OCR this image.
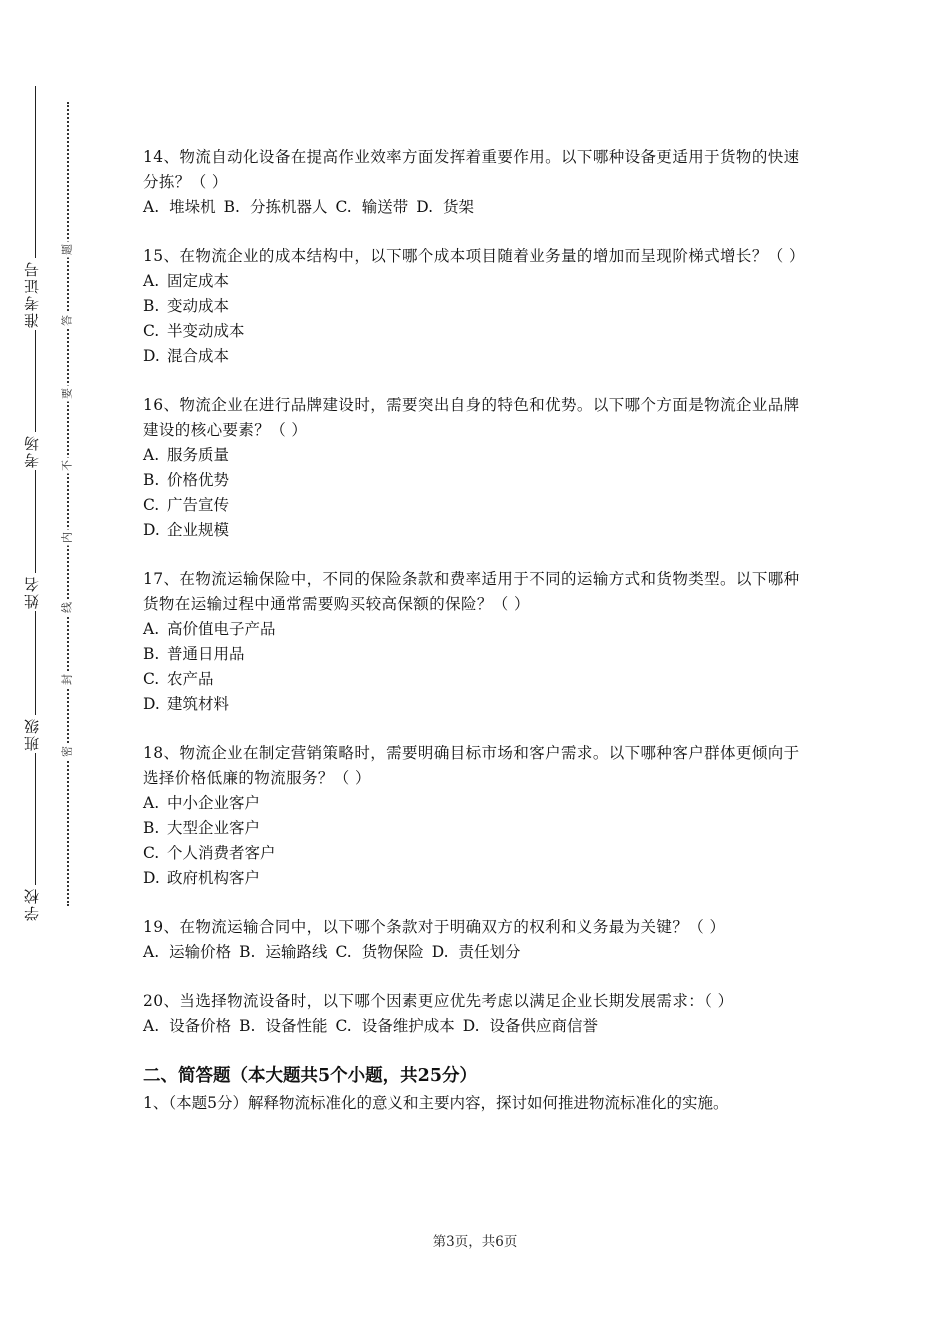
准考证号
考场
姓名
班级
学校
题
答
要
不
内
线
封
密

14、物流自动化设备在提高作业效率方面发挥着重要作用。以下哪种设备更适用于货物的快速分拣？（ ）

A. 堆垛机 B. 分拣机器人 C. 输送带 D. 货架

15、在物流企业的成本结构中，以下哪个成本项目随着业务量的增加而呈现阶梯式增长？（ ）

A. 固定成本

B. 变动成本

C. 半变动成本

D. 混合成本

16、物流企业在进行品牌建设时，需要突出自身的特色和优势。以下哪个方面是物流企业品牌建设的核心要素？（ ）

A. 服务质量

B. 价格优势

C. 广告宣传

D. 企业规模

17、在物流运输保险中，不同的保险条款和费率适用于不同的运输方式和货物类型。以下哪种货物在运输过程中通常需要购买较高保额的保险？（ ）

A. 高价值电子产品

B. 普通日用品

C. 农产品

D. 建筑材料

18、物流企业在制定营销策略时，需要明确目标市场和客户需求。以下哪种客户群体更倾向于选择价格低廉的物流服务？（ ）

A. 中小企业客户

B. 大型企业客户

C. 个人消费者客户

D. 政府机构客户

19、在物流运输合同中，以下哪个条款对于明确双方的权利和义务最为关键？（ ）

A. 运输价格 B. 运输路线 C. 货物保险 D. 责任划分

20、当选择物流设备时，以下哪个因素更应优先考虑以满足企业长期发展需求：（ ）

A. 设备价格 B. 设备性能 C. 设备维护成本 D. 设备供应商信誉

二、简答题（本大题共5个小题，共25分）

1、（本题5分）解释物流标准化的意义和主要内容，探讨如何推进物流标准化的实施。

第3页，共6页
